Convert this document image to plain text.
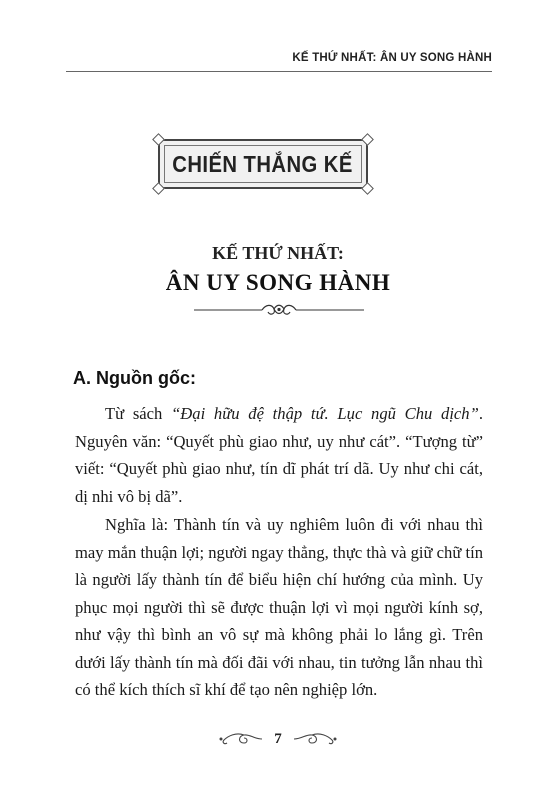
KẾ THỨ NHẤT: ÂN UY SONG HÀNH
CHIẾN THẮNG KẾ
KẾ THỨ NHẤT:
ÂN UY SONG HÀNH
A. Nguồn gốc:
Từ sách “Đại hữu đệ thập tứ. Lục ngũ Chu dịch”. Nguyên văn: “Quyết phù giao như, uy như cát”. “Tượng từ” viết: “Quyết phù giao như, tín dĩ phát trí dã. Uy như chi cát, dị nhi vô bị dã”.
Nghĩa là: Thành tín và uy nghiêm luôn đi với nhau thì may mắn thuận lợi; người ngay thẳng, thực thà và giữ chữ tín là người lấy thành tín để biểu hiện chí hướng của mình. Uy phục mọi người thì sẽ được thuận lợi vì mọi người kính sợ, như vậy thì bình an vô sự mà không phải lo lắng gì. Trên dưới lấy thành tín mà đối đãi với nhau, tin tưởng lẫn nhau thì có thể kích thích sĩ khí để tạo nên nghiệp lớn.
7
